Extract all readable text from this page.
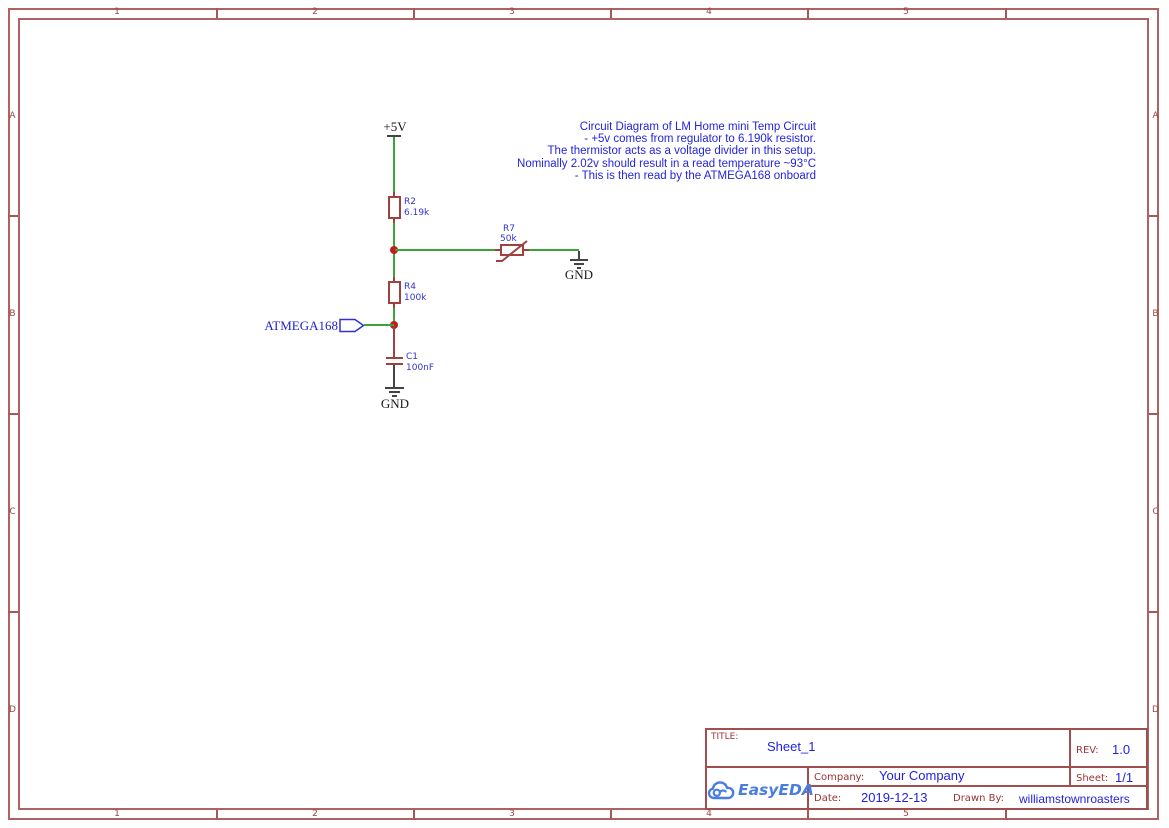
1	2	3	4	5
1	2	3	4	5
A
B
C
D
A
B
C
D
Circuit Diagram of LM Home mini Temp Circuit
- +5v comes from regulator to 6.190k resistor.
The thermistor acts as a voltage divider in this setup.
Nominally 2.02v should result in a read temperature ~93°C
- This is then read by the ATMEGA168 onboard
+5V
R2
6.19k
R4
100k
ATMEGA168
C1
100nF
GND
R7
50k
GND
TITLE:
Sheet_1	REV: 1.0
Company: Your Company	Sheet: 1/1
Date: 2019-12-13	Drawn By: williamstownroasters
EasyEDA
